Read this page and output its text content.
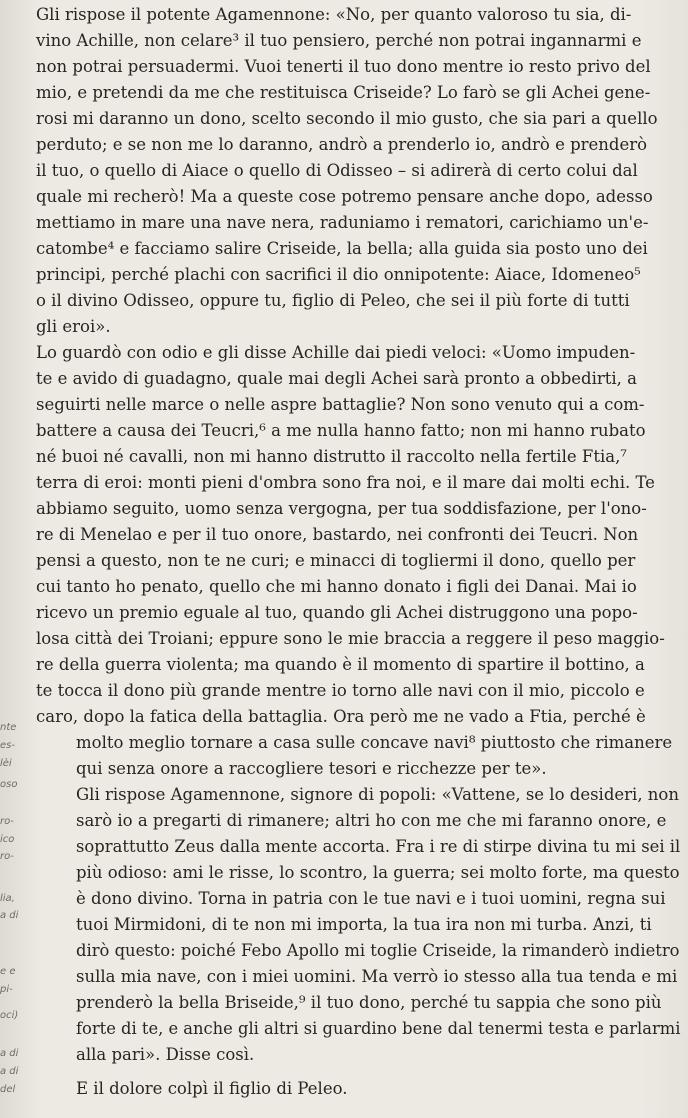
nte
es-
lèi
oso
ro-
ico
ro-
lia,
a di
e e
pi-
oci)
a di
a di
del
Gli rispose il potente Agamennone: «No, per quanto valoroso tu sia, di-
vino Achille, non celare³ il tuo pensiero, perché non potrai ingannarmi e
non potrai persuadermi. Vuoi tenerti il tuo dono mentre io resto privo del
mio, e pretendi da me che restituisca Criseide? Lo farò se gli Achei gene-
rosi mi daranno un dono, scelto secondo il mio gusto, che sia pari a quello
perduto; e se non me lo daranno, andrò a prenderlo io, andrò e prenderò
il tuo, o quello di Aiace o quello di Odisseo – si adirerà di certo colui dal
quale mi recherò! Ma a queste cose potremo pensare anche dopo, adesso
mettiamo in mare una nave nera, raduniamo i rematori, carichiamo un'e-
catombe⁴ e facciamo salire Criseide, la bella; alla guida sia posto uno dei
principi, perché plachi con sacrifici il dio onnipotente: Aiace, Idomeneo⁵
o il divino Odisseo, oppure tu, figlio di Peleo, che sei il più forte di tutti
gli eroi».
Lo guardò con odio e gli disse Achille dai piedi veloci: «Uomo impuden-
te e avido di guadagno, quale mai degli Achei sarà pronto a obbedirti, a
seguirti nelle marce o nelle aspre battaglie? Non sono venuto qui a com-
battere a causa dei Teucri,⁶ a me nulla hanno fatto; non mi hanno rubato
né buoi né cavalli, non mi hanno distrutto il raccolto nella fertile Ftia,⁷
terra di eroi: monti pieni d'ombra sono fra noi, e il mare dai molti echi. Te
abbiamo seguito, uomo senza vergogna, per tua soddisfazione, per l'ono-
re di Menelao e per il tuo onore, bastardo, nei confronti dei Teucri. Non
pensi a questo, non te ne curi; e minacci di togliermi il dono, quello per
cui tanto ho penato, quello che mi hanno donato i figli dei Danai. Mai io
ricevo un premio eguale al tuo, quando gli Achei distruggono una popo-
losa città dei Troiani; eppure sono le mie braccia a reggere il peso maggio-
re della guerra violenta; ma quando è il momento di spartire il bottino, a
te tocca il dono più grande mentre io torno alle navi con il mio, piccolo e
caro, dopo la fatica della battaglia. Ora però me ne vado a Ftia, perché è
molto meglio tornare a casa sulle concave navi⁸ piuttosto che rimanere
qui senza onore a raccogliere tesori e ricchezze per te».
Gli rispose Agamennone, signore di popoli: «Vattene, se lo desideri, non
sarò io a pregarti di rimanere; altri ho con me che mi faranno onore, e
soprattutto Zeus dalla mente accorta. Fra i re di stirpe divina tu mi sei il
più odioso: ami le risse, lo scontro, la guerra; sei molto forte, ma questo
è dono divino. Torna in patria con le tue navi e i tuoi uomini, regna sui
tuoi Mirmidoni, di te non mi importa, la tua ira non mi turba. Anzi, ti
dirò questo: poiché Febo Apollo mi toglie Criseide, la rimanderò indietro
sulla mia nave, con i miei uomini. Ma verrò io stesso alla tua tenda e mi
prenderò la bella Briseide,⁹ il tuo dono, perché tu sappia che sono più
forte di te, e anche gli altri si guardino bene dal tenermi testa e parlarmi
alla pari». Disse così.
E il dolore colpì il figlio di Peleo.
